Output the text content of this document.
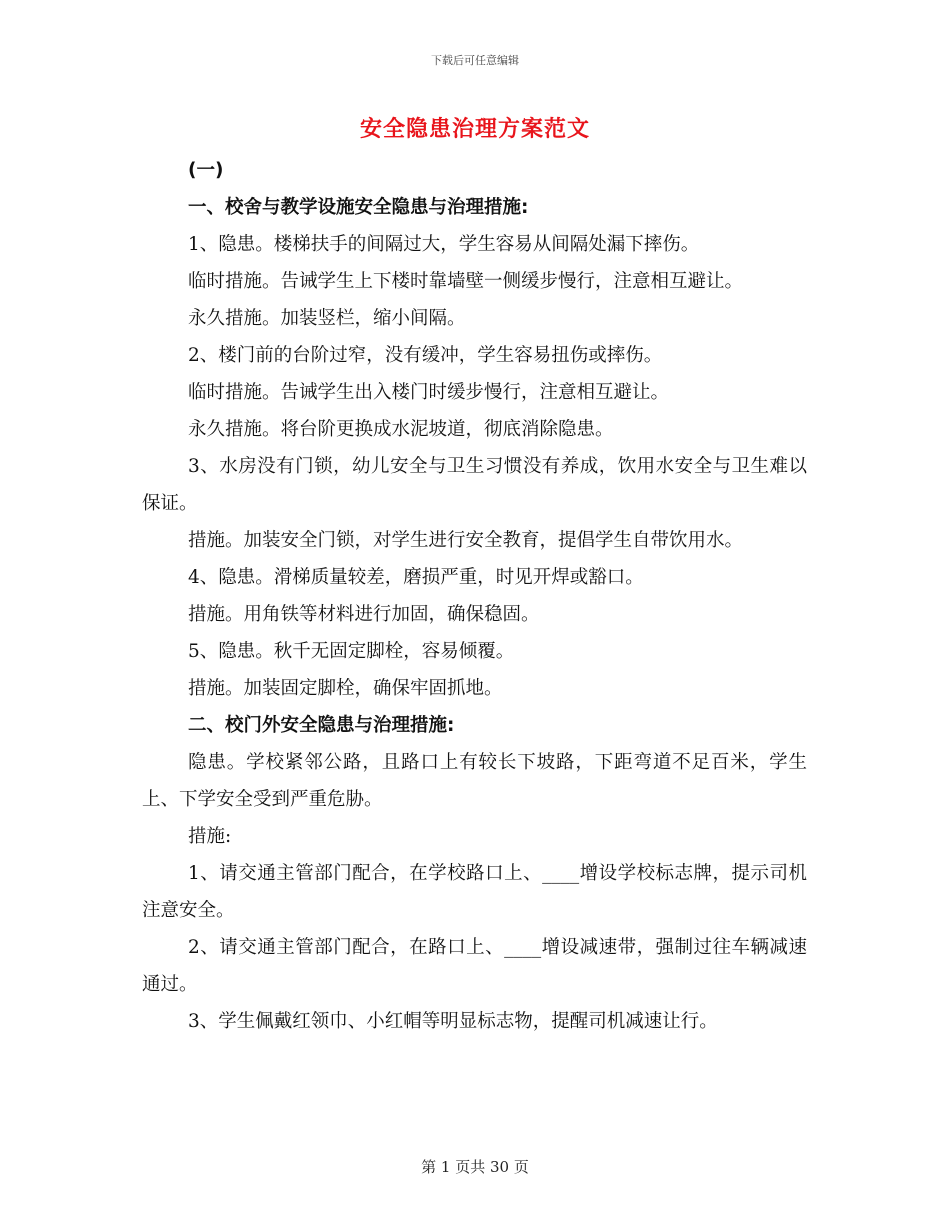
下载后可任意编辑
安全隐患治理方案范文

(一)

一、校舍与教学设施安全隐患与治理措施:

1、隐患。楼梯扶手的间隔过大，学生容易从间隔处漏下摔伤。

临时措施。告诫学生上下楼时靠墙壁一侧缓步慢行，注意相互避让。

永久措施。加装竖栏，缩小间隔。

2、楼门前的台阶过窄，没有缓冲，学生容易扭伤或摔伤。

临时措施。告诫学生出入楼门时缓步慢行，注意相互避让。

永久措施。将台阶更换成水泥坡道，彻底消除隐患。

3、水房没有门锁，幼儿安全与卫生习惯没有养成，饮用水安全与卫生难以保证。

措施。加装安全门锁，对学生进行安全教育，提倡学生自带饮用水。

4、隐患。滑梯质量较差，磨损严重，时见开焊或豁口。

措施。用角铁等材料进行加固，确保稳固。

5、隐患。秋千无固定脚栓，容易倾覆。

措施。加装固定脚栓，确保牢固抓地。

二、校门外安全隐患与治理措施:

隐患。学校紧邻公路，且路口上有较长下坡路，下距弯道不足百米，学生上、下学安全受到严重危胁。

措施:

1、请交通主管部门配合，在学校路口上、____增设学校标志牌，提示司机注意安全。

2、请交通主管部门配合，在路口上、____增设减速带，强制过往车辆减速通过。

3、学生佩戴红领巾、小红帽等明显标志物，提醒司机减速让行。

第 1 页共 30 页
